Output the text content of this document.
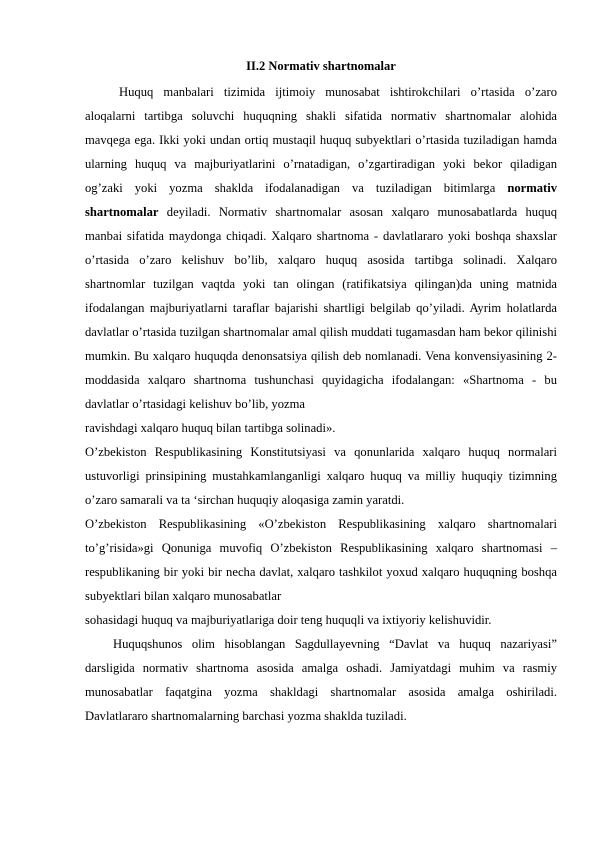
II.2 Normativ shartnomalar

Huquq manbalari tizimida ijtimoiy munosabat ishtirokchilari o’rtasida o’zaro aloqalarni tartibga soluvchi huquqning shakli sifatida normativ shartnomalar alohida mavqega ega. Ikki yoki undan ortiq mustaqil huquq subyektlari o’rtasida tuziladigan hamda ularning huquq va majburiyatlarini o’rnatadigan, o’zgartiradigan yoki bekor qiladigan og’zaki yoki yozma shaklda ifodalanadigan va tuziladigan bitimlarga normativ shartnomalar deyiladi. Normativ shartnomalar asosan xalqaro munosabatlarda huquq manbai sifatida maydonga chiqadi. Xalqaro shartnoma - davlatlararo yoki boshqa shaxslar o’rtasida o’zaro kelishuv bo’lib, xalqaro huquq asosida tartibga solinadi. Xalqaro shartnomlar tuzilgan vaqtda yoki tan olingan (ratifikatsiya qilingan)da uning matnida ifodalangan majburiyatlarni taraflar bajarishi shartligi belgilab qo’yiladi. Ayrim holatlarda davlatlar o’rtasida tuzilgan shartnomalar amal qilish muddati tugamasdan ham bekor qilinishi mumkin. Bu xalqaro huquqda denonsatsiya qilish deb nomlanadi. Vena konvensiyasining 2-moddasida xalqaro shartnoma tushunchasi quyidagicha ifodalangan: «Shartnoma - bu davlatlar o’rtasidagi kelishuv bo’lib, yozma

ravishdagi xalqaro huquq bilan tartibga solinadi».

O’zbekiston Respublikasining Konstitutsiyasi va qonunlarida xalqaro huquq normalari ustuvorligi prinsipining mustahkamlanganligi xalqaro huquq va milliy huquqiy tizimning o’zaro samarali va ta ‘sirchan huquqiy aloqasiga zamin yaratdi.

O’zbekiston Respublikasining «O’zbekiston Respublikasining xalqaro shartnomalari to’g’risida»gi Qonuniga muvofiq O’zbekiston Respublikasining xalqaro shartnomasi – respublikaning bir yoki bir necha davlat, xalqaro tashkilot yoxud xalqaro huquqning boshqa subyektlari bilan xalqaro munosabatlar

sohasidagi huquq va majburiyatlariga doir teng huquqli va ixtiyoriy kelishuvidir.

Huquqshunos olim hisoblangan Sagdullayevning “Davlat va huquq nazariyasi” darsligida normativ shartnoma asosida amalga oshadi. Jamiyatdagi muhim va rasmiy munosabatlar faqatgina yozma shakldagi shartnomalar asosida amalga oshiriladi. Davlatlararo shartnomalarning barchasi yozma shaklda tuziladi.
